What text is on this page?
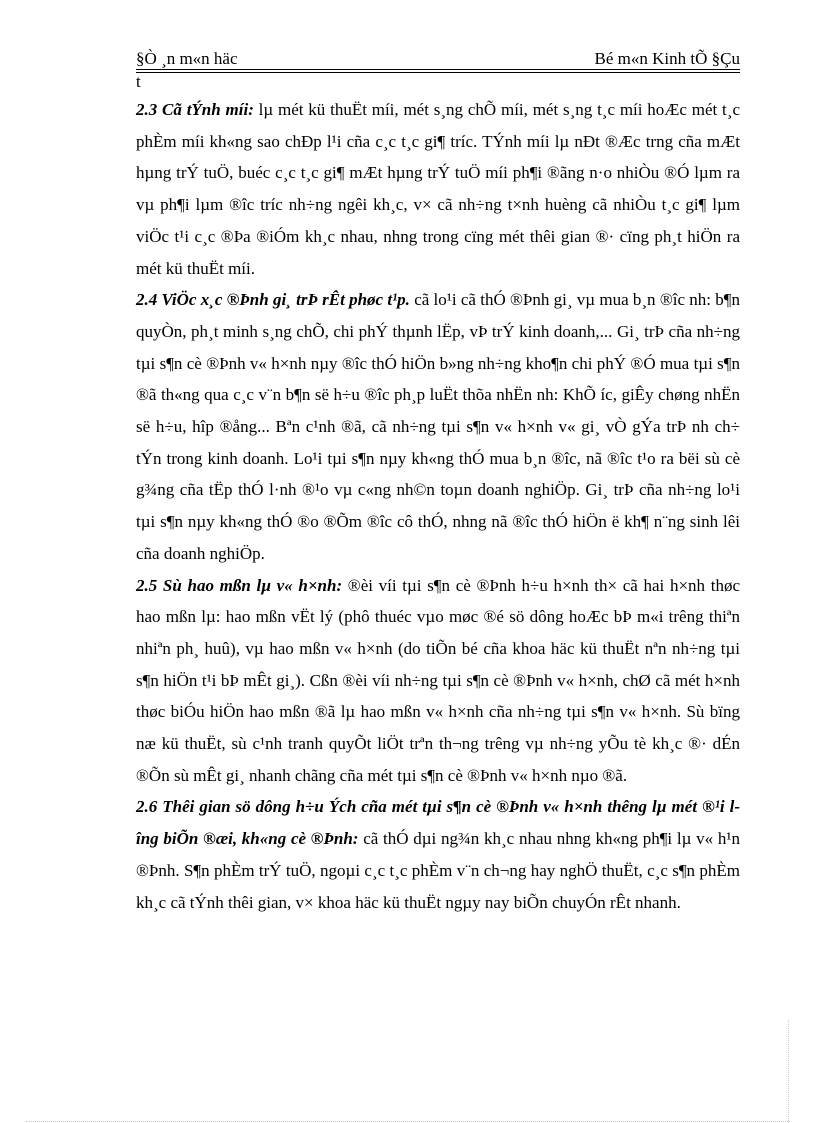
§Ò ¸n m«n häc	Bé m«n Kinh tÕ §Çu
t

2.3 Cã tÝnh míi: lµ mét kü thuËt míi, mét s¸ng chÕ míi, mét s¸ng t¸c míi hoÆc mét t¸c phÈm míi kh«ng sao chÐp l¹i cña c¸c t¸c gi¶ tríc. TÝnh míi lµ nÐt ®Æc trng cña mÆt hµng trÝ tuÖ, buéc c¸c t¸c gi¶ mÆt hµng trÝ tuÖ míi ph¶i ®ãng n·o nhiÒu ®Ó lµm ra vµ ph¶i lµm ®îc tríc nh÷ng ngêi kh¸c, v× cã nh÷ng t×nh huèng cã nhiÒu t¸c gi¶ lµm viÖc t¹i c¸c ®Þa ®iÓm kh¸c nhau, nhng trong cïng mét thêi gian ®· cïng ph¸t hiÖn ra mét kü thuËt míi.

2.4 ViÖc x¸c ®Þnh gi¸ trÞ rÊt phøc t¹p. cã lo¹i cã thÓ ®Þnh gi¸ vµ mua b¸n ®îc nh: b¶n quyÒn, ph¸t minh s¸ng chÕ, chi phÝ thµnh lËp, vÞ trÝ kinh doanh,... Gi¸ trÞ cña nh÷ng tµi s¶n cè ®Þnh v« h×nh nµy ®îc thÓ hiÖn b»ng nh÷ng kho¶n chi phÝ ®Ó mua tµi s¶n ®ã th«ng qua c¸c v¨n b¶n së h÷u ®îc ph¸p luËt thõa nhËn nh: KhÕ íc, giÊy chøng nhËn së h÷u, hîp ®ång... Bªn c¹nh ®ã, cã nh÷ng tµi s¶n v« h×nh v« gi¸ vÒ gÝa trÞ nh ch÷ tÝn trong kinh doanh. Lo¹i tµi s¶n nµy kh«ng thÓ mua b¸n ®îc, nã ®îc t¹o ra bëi sù cè g¾ng cña tËp thÓ l·nh ®¹o vµ c«ng nh©n toµn doanh nghiÖp. Gi¸ trÞ cña nh÷ng lo¹i tµi s¶n nµy kh«ng thÓ ®o ®Õm ®îc cô thÓ, nhng nã ®îc thÓ hiÖn ë kh¶ n¨ng sinh lêi cña doanh nghiÖp.

2.5 Sù hao mßn lµ v« h×nh: ®èi víi tµi s¶n cè ®Þnh h÷u h×nh th× cã hai h×nh thøc hao mßn lµ: hao mßn vËt lý (phô thuéc vµo møc ®é sö dông hoÆc bÞ m«i trêng thiªn nhiªn ph¸ huû), vµ hao mßn v« h×nh (do tiÕn bé cña khoa häc kü thuËt nªn nh÷ng tµi s¶n hiÖn t¹i bÞ mÊt gi¸). Cßn ®èi víi nh÷ng tµi s¶n cè ®Þnh v« h×nh, chØ cã mét h×nh thøc biÓu hiÖn hao mßn ®ã lµ hao mßn v« h×nh cña nh÷ng tµi s¶n v« h×nh. Sù bïng næ kü thuËt, sù c¹nh tranh quyÕt liÖt trªn th¬ng trêng vµ nh÷ng yÕu tè kh¸c ®· dÉn ®Õn sù mÊt gi¸ nhanh chãng cña mét tµi s¶n cè ®Þnh v« h×nh nµo ®ã.

2.6 Thêi gian sö dông h÷u Ých cña mét tµi s¶n cè ®Þnh v« h×nh thêng lµ mét ®¹i lîng biÕn ®æi, kh«ng cè ®Þnh: cã thÓ dµi ng¾n kh¸c nhau nhng kh«ng ph¶i lµ v« h¹n ®Þnh. S¶n phÈm trÝ tuÖ, ngoµi c¸c t¸c phÈm v¨n ch¬ng hay nghÖ thuËt, c¸c s¶n phÈm kh¸c cã tÝnh thêi gian, v× khoa häc kü thuËt ngµy nay biÕn chuyÓn rÊt nhanh.
